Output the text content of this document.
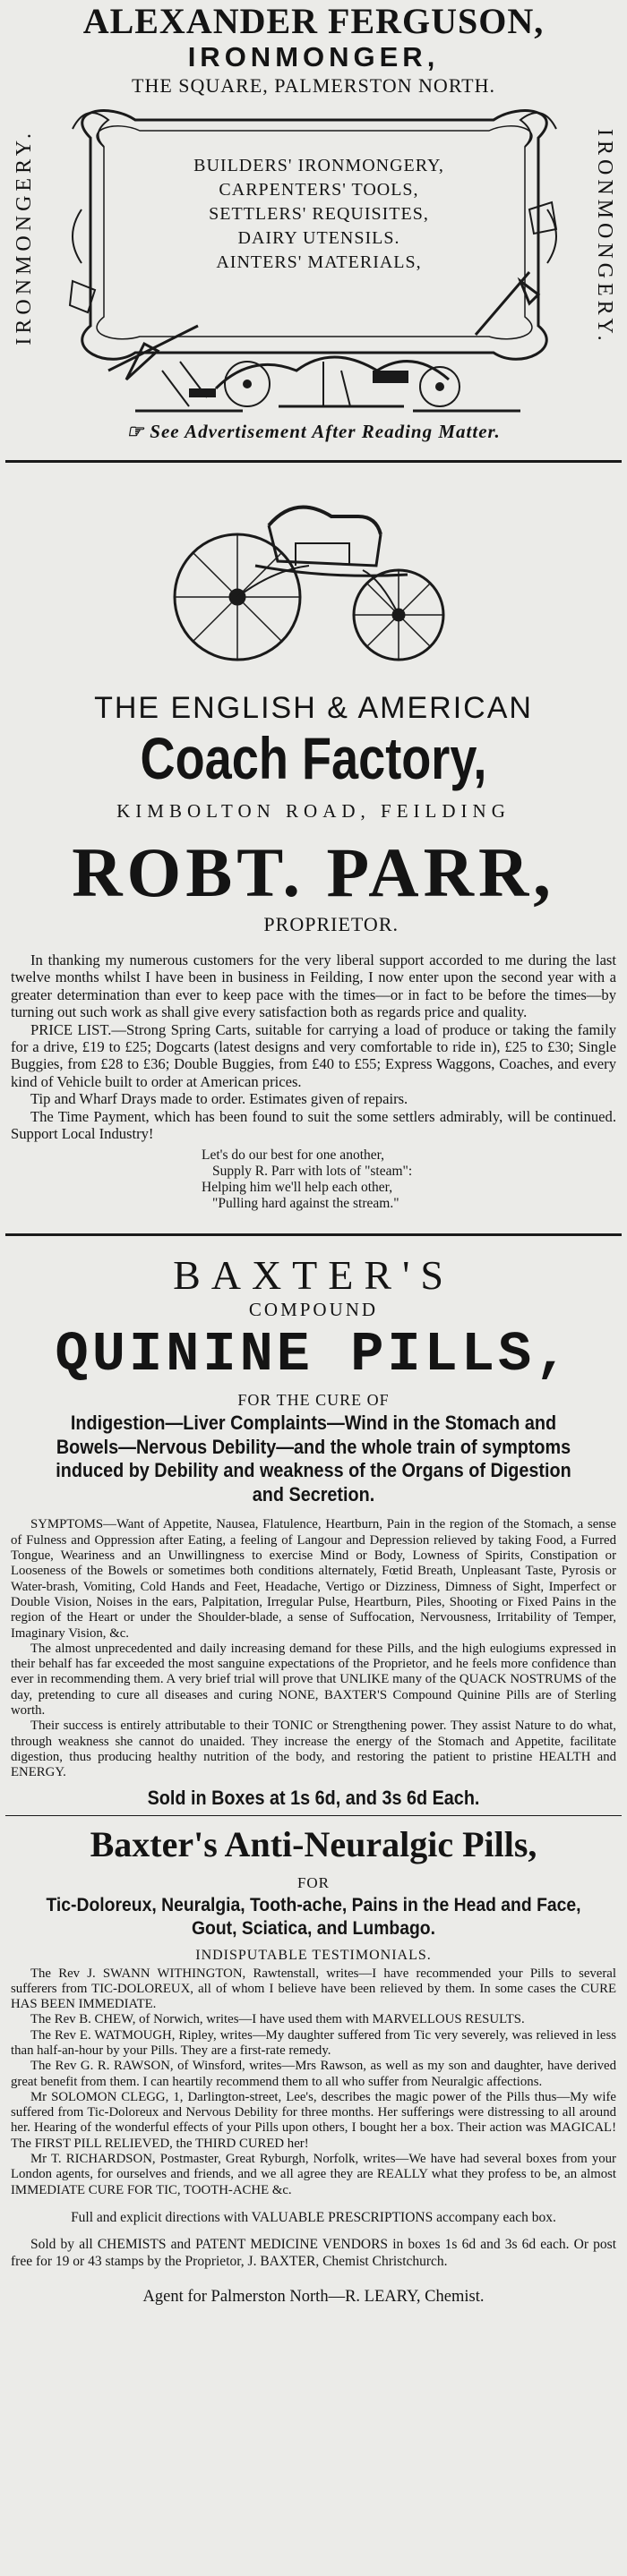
ALEXANDER FERGUSON,
IRONMONGER,
THE SQUARE, PALMERSTON NORTH.
IRONMONGERY.	IRONMONGERY.
BUILDERS' IRONMONGERY,
CARPENTERS' TOOLS,
SETTLERS' REQUISITES,
DAIRY UTENSILS.
AINTERS' MATERIALS,
☞ See Advertisement After Reading Matter.
THE ENGLISH & AMERICAN
Coach Factory,
KIMBOLTON ROAD, FEILDING
ROBT. PARR,
PROPRIETOR.

In thanking my numerous customers for the very liberal support accorded to me during the last twelve months whilst I have been in business in Feilding, I now enter upon the second year with a greater determination than ever to keep pace with the times—or in fact to be before the times—by turning out such work as shall give every satisfaction both as regards price and quality.

PRICE LIST.—Strong Spring Carts, suitable for carrying a load of produce or taking the family for a drive, £19 to £25; Dogcarts (latest designs and very comfortable to ride in), £25 to £30; Single Buggies, from £28 to £36; Double Buggies, from £40 to £55; Express Waggons, Coaches, and every kind of Vehicle built to order at American prices.

Tip and Wharf Drays made to order. Estimates given of repairs.

The Time Payment, which has been found to suit the some settlers admirably, will be continued. Support Local Industry!

Let's do our best for one another,
Supply R. Parr with lots of "steam":
Helping him we'll help each other,
"Pulling hard against the stream."
BAXTER'S
COMPOUND
QUININE PILLS,
FOR THE CURE OF
Indigestion—Liver Complaints—Wind in the Stomach and Bowels—Nervous Debility—and the whole train of symptoms induced by Debility and weakness of the Organs of Digestion and Secretion.

SYMPTOMS—Want of Appetite, Nausea, Flatulence, Heartburn, Pain in the region of the Stomach, a sense of Fulness and Oppression after Eating, a feeling of Langour and Depression relieved by taking Food, a Furred Tongue, Weariness and an Unwillingness to exercise Mind or Body, Lowness of Spirits, Constipation or Looseness of the Bowels or sometimes both conditions alternately, Fœtid Breath, Unpleasant Taste, Pyrosis or Water-brash, Vomiting, Cold Hands and Feet, Headache, Vertigo or Dizziness, Dimness of Sight, Imperfect or Double Vision, Noises in the ears, Palpitation, Irregular Pulse, Heartburn, Piles, Shooting or Fixed Pains in the region of the Heart or under the Shoulder-blade, a sense of Suffocation, Nervousness, Irritability of Temper, Imaginary Vision, &c.

The almost unprecedented and daily increasing demand for these Pills, and the high eulogiums expressed in their behalf has far exceeded the most sanguine expectations of the Proprietor, and he feels more confidence than ever in recommending them. A very brief trial will prove that UNLIKE many of the QUACK NOSTRUMS of the day, pretending to cure all diseases and curing NONE, BAXTER'S Compound Quinine Pills are of Sterling worth.

Their success is entirely attributable to their TONIC or Strengthening power. They assist Nature to do what, through weakness she cannot do unaided. They increase the energy of the Stomach and Appetite, facilitate digestion, thus producing healthy nutrition of the body, and restoring the patient to pristine HEALTH and ENERGY.

Sold in Boxes at 1s 6d, and 3s 6d Each.
Baxter's Anti-Neuralgic Pills,
FOR
Tic-Doloreux, Neuralgia, Tooth-ache, Pains in the Head and Face, Gout, Sciatica, and Lumbago.
INDISPUTABLE TESTIMONIALS.

The Rev J. SWANN WITHINGTON, Rawtenstall, writes—I have recommended your Pills to several sufferers from TIC-DOLOREUX, all of whom I believe have been relieved by them. In some cases the CURE HAS BEEN IMMEDIATE.

The Rev B. CHEW, of Norwich, writes—I have used them with MARVELLOUS RESULTS.

The Rev E. WATMOUGH, Ripley, writes—My daughter suffered from Tic very severely, was relieved in less than half-an-hour by your Pills. They are a first-rate remedy.

The Rev G. R. RAWSON, of Winsford, writes—Mrs Rawson, as well as my son and daughter, have derived great benefit from them. I can heartily recommend them to all who suffer from Neuralgic affections.

Mr SOLOMON CLEGG, 1, Darlington-street, Lee's, describes the magic power of the Pills thus—My wife suffered from Tic-Doloreux and Nervous Debility for three months. Her sufferings were distressing to all around her. Hearing of the wonderful effects of your Pills upon others, I bought her a box. Their action was MAGICAL! The FIRST PILL RELIEVED, the THIRD CURED her!

Mr T. RICHARDSON, Postmaster, Great Ryburgh, Norfolk, writes—We have had several boxes from your London agents, for ourselves and friends, and we all agree they are REALLY what they profess to be, an almost IMMEDIATE CURE FOR TIC, TOOTH-ACHE &c.

Full and explicit directions with VALUABLE PRESCRIPTIONS accompany each box.
Sold by all CHEMISTS and PATENT MEDICINE VENDORS in boxes 1s 6d and 3s 6d each. Or post free for 19 or 43 stamps by the Proprietor, J. BAXTER, Chemist Christchurch.
Agent for Palmerston North—R. LEARY, Chemist.
